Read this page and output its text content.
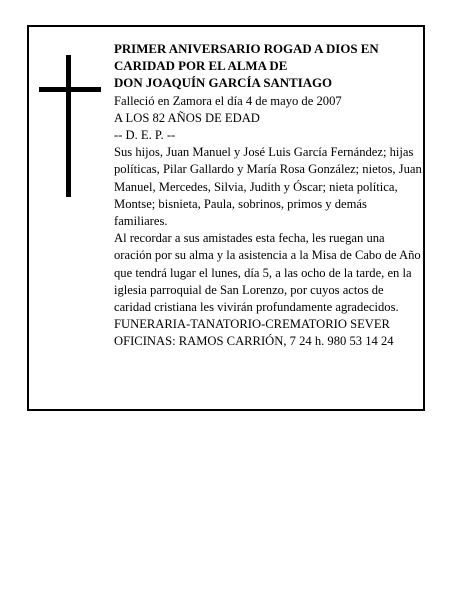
PRIMER ANIVERSARIO ROGAD A DIOS EN

CARIDAD POR EL ALMA DE

DON JOAQUÍN GARCÍA SANTIAGO

Falleció en Zamora el día 4 de mayo de 2007

A LOS 82 AÑOS DE EDAD

-- D. E. P. --

Sus hijos, Juan Manuel y José Luis García Fernández; hijas políticas, Pilar Gallardo y María Rosa González; nietos, Juan Manuel, Mercedes, Silvia, Judith y Óscar; nieta política, Montse; bisnieta, Paula, sobrinos, primos y demás familiares.

Al recordar a sus amistades esta fecha, les ruegan una oración por su alma y la asistencia a la Misa de Cabo de Año que tendrá lugar el lunes, día 5, a las ocho de la tarde, en la iglesia parroquial de San Lorenzo, por cuyos actos de caridad cristiana les vivirán profundamente agradecidos.

FUNERARIA-TANATORIO-CREMATORIO SEVER

OFICINAS: RAMOS CARRIÓN, 7 24 h. 980 53 14 24
